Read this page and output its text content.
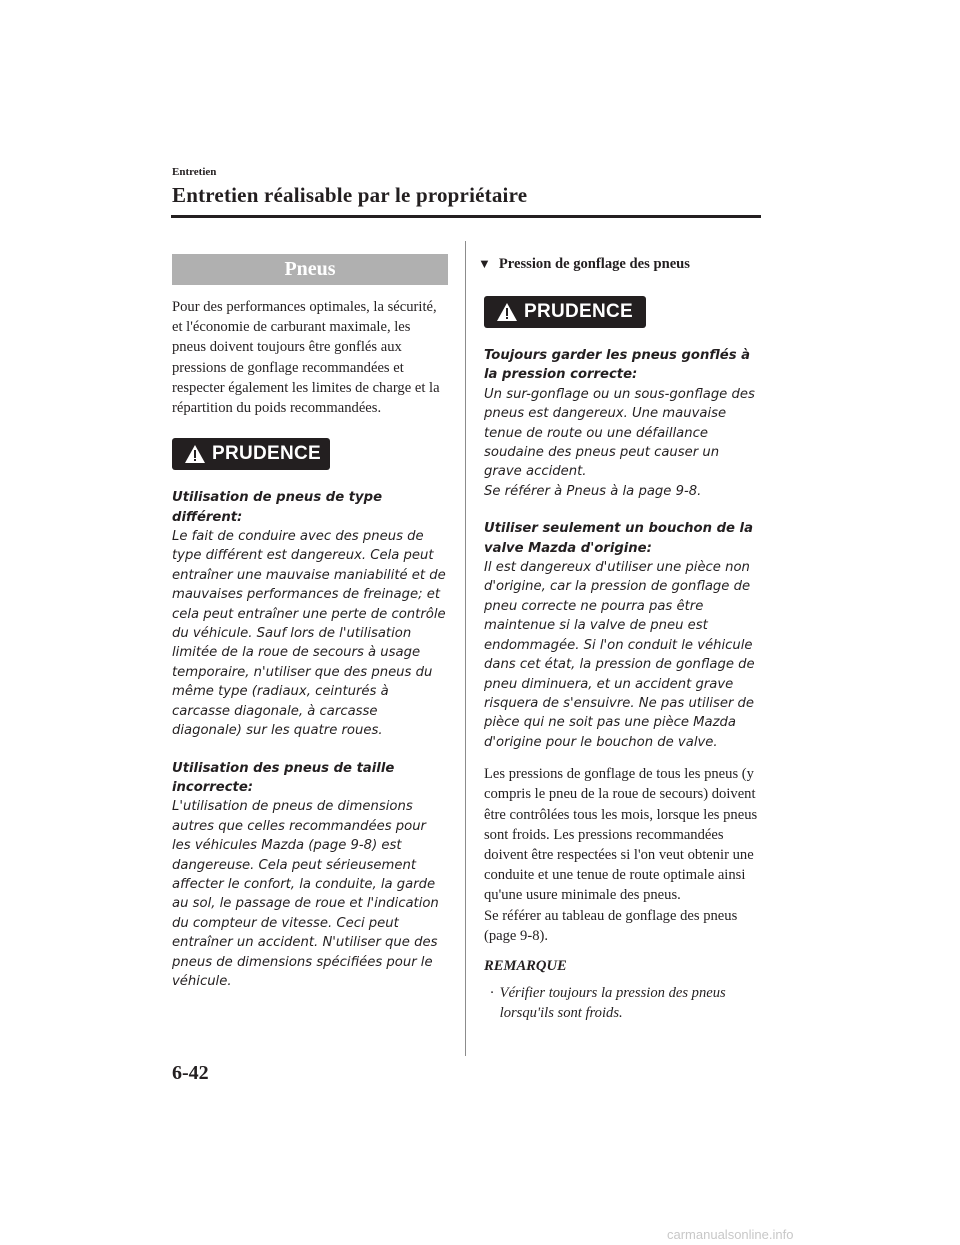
Entretien
Entretien réalisable par le propriétaire
Pneus

Pour des performances optimales, la sécurité, et l'économie de carburant maximale, les pneus doivent toujours être gonflés aux pressions de gonflage recommandées et respecter également les limites de charge et la répartition du poids recommandées.

PRUDENCE
Utilisation de pneus de type différent:
Le fait de conduire avec des pneus de type différent est dangereux. Cela peut entraîner une mauvaise maniabilité et de mauvaises performances de freinage; et cela peut entraîner une perte de contrôle du véhicule. Sauf lors de l'utilisation limitée de la roue de secours à usage temporaire, n'utiliser que des pneus du même type (radiaux, ceinturés à carcasse diagonale, à carcasse diagonale) sur les quatre roues.
Utilisation des pneus de taille incorrecte:
L'utilisation de pneus de dimensions autres que celles recommandées pour les véhicules Mazda (page 9-8) est dangereuse. Cela peut sérieusement affecter le confort, la conduite, la garde au sol, le passage de roue et l'indication du compteur de vitesse. Ceci peut entraîner un accident. N'utiliser que des pneus de dimensions spécifiées pour le véhicule.
▼ Pression de gonflage des pneus
PRUDENCE
Toujours garder les pneus gonflés à la pression correcte:
Un sur-gonflage ou un sous-gonflage des pneus est dangereux. Une mauvaise tenue de route ou une défaillance soudaine des pneus peut causer un grave accident.
Se référer à Pneus à la page 9-8.
Utiliser seulement un bouchon de la valve Mazda d'origine:
Il est dangereux d'utiliser une pièce non d'origine, car la pression de gonflage de pneu correcte ne pourra pas être maintenue si la valve de pneu est endommagée. Si l'on conduit le véhicule dans cet état, la pression de gonflage de pneu diminuera, et un accident grave risquera de s'ensuivre. Ne pas utiliser de pièce qui ne soit pas une pièce Mazda d'origine pour le bouchon de valve.

Les pressions de gonflage de tous les pneus (y compris le pneu de la roue de secours) doivent être contrôlées tous les mois, lorsque les pneus sont froids. Les pressions recommandées doivent être respectées si l'on veut obtenir une conduite et une tenue de route optimale ainsi qu'une usure minimale des pneus.

Se référer au tableau de gonflage des pneus (page 9-8).

REMARQUE
· Vérifier toujours la pression des pneus lorsqu'ils sont froids.
6-42
carmanualsonline.info
